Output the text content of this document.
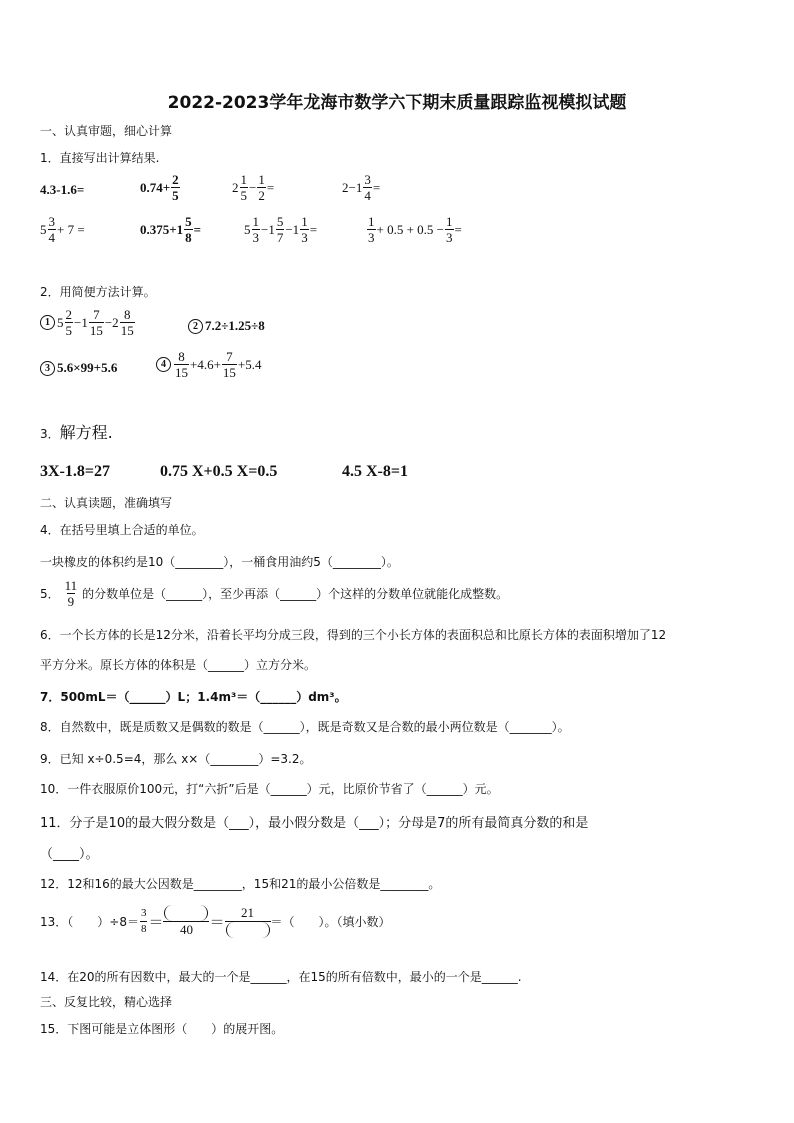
2022-2023学年龙海市数学六下期末质量跟踪监视模拟试题
一、认真审题，细心计算
1．直接写出计算结果.
4.3-1.6=	$0.74+ \frac{2}{5}$	$2 \frac{1}{5} - \frac{1}{2}$ =	$2-1 \frac{3}{4}$ =
$5 \frac{3}{4} + 7$ =	$0.375+1 \frac{5}{8}$ =	$5 \frac{1}{3} -1 \frac{5}{7} -1 \frac{1}{3}$ =	$\frac{1}{3} + 0.5 + 0.5 - \frac{1}{3}$ =
2．用简便方法计算。
1 $5 \frac{2}{5} -1 \frac{7}{15} -2 \frac{8}{15}$	2 7.2÷1.25÷8
3 5.6×99+5.6	$4 \frac{8}{15} +4.6+ \frac{7}{15} +5.4$
3． 解方程.
3X-1.8=27	0.75 X+0.5 X=0.5	4.5 X-8=1
二、认真读题，准确填写
4．在括号里填上合适的单位。
一块橡皮的体积约是10（________），一桶食用油约5（________）。
5． $\frac{11}{9}$ 的分数单位是（______），至少再添（______）个这样的分数单位就能化成整数。
6．一个长方体的长是12分米，沿着长平均分成三段，得到的三个小长方体的表面积总和比原长方体的表面积增加了12
平方分米。原长方体的体积是（______）立方分米。
7．500mL＝（______）L；1.4m³＝（______）dm³。
8．自然数中，既是质数又是偶数的数是（______），既是奇数又是合数的最小两位数是（_______）。
9．已知 x÷0.5=4，那么 x×（________）=3.2。
10．一件衣服原价100元，打“六折”后是（______）元，比原价节省了（______）元。
11．分子是10的最大假分数是（___），最小假分数是（___）；分母是7的所有最简真分数的和是
（____）。
12．12和16的最大公因数是________，15和21的最小公倍数是________。
13．（　　）$\div 8= \frac{3}{8} = 40$ ＝
21
＝（　　）。（填小数）
14．在20的所有因数中，最大的一个是______，在15的所有倍数中，最小的一个是______.
三、反复比较，精心选择
15．下图可能是立体图形（　　）的展开图。
